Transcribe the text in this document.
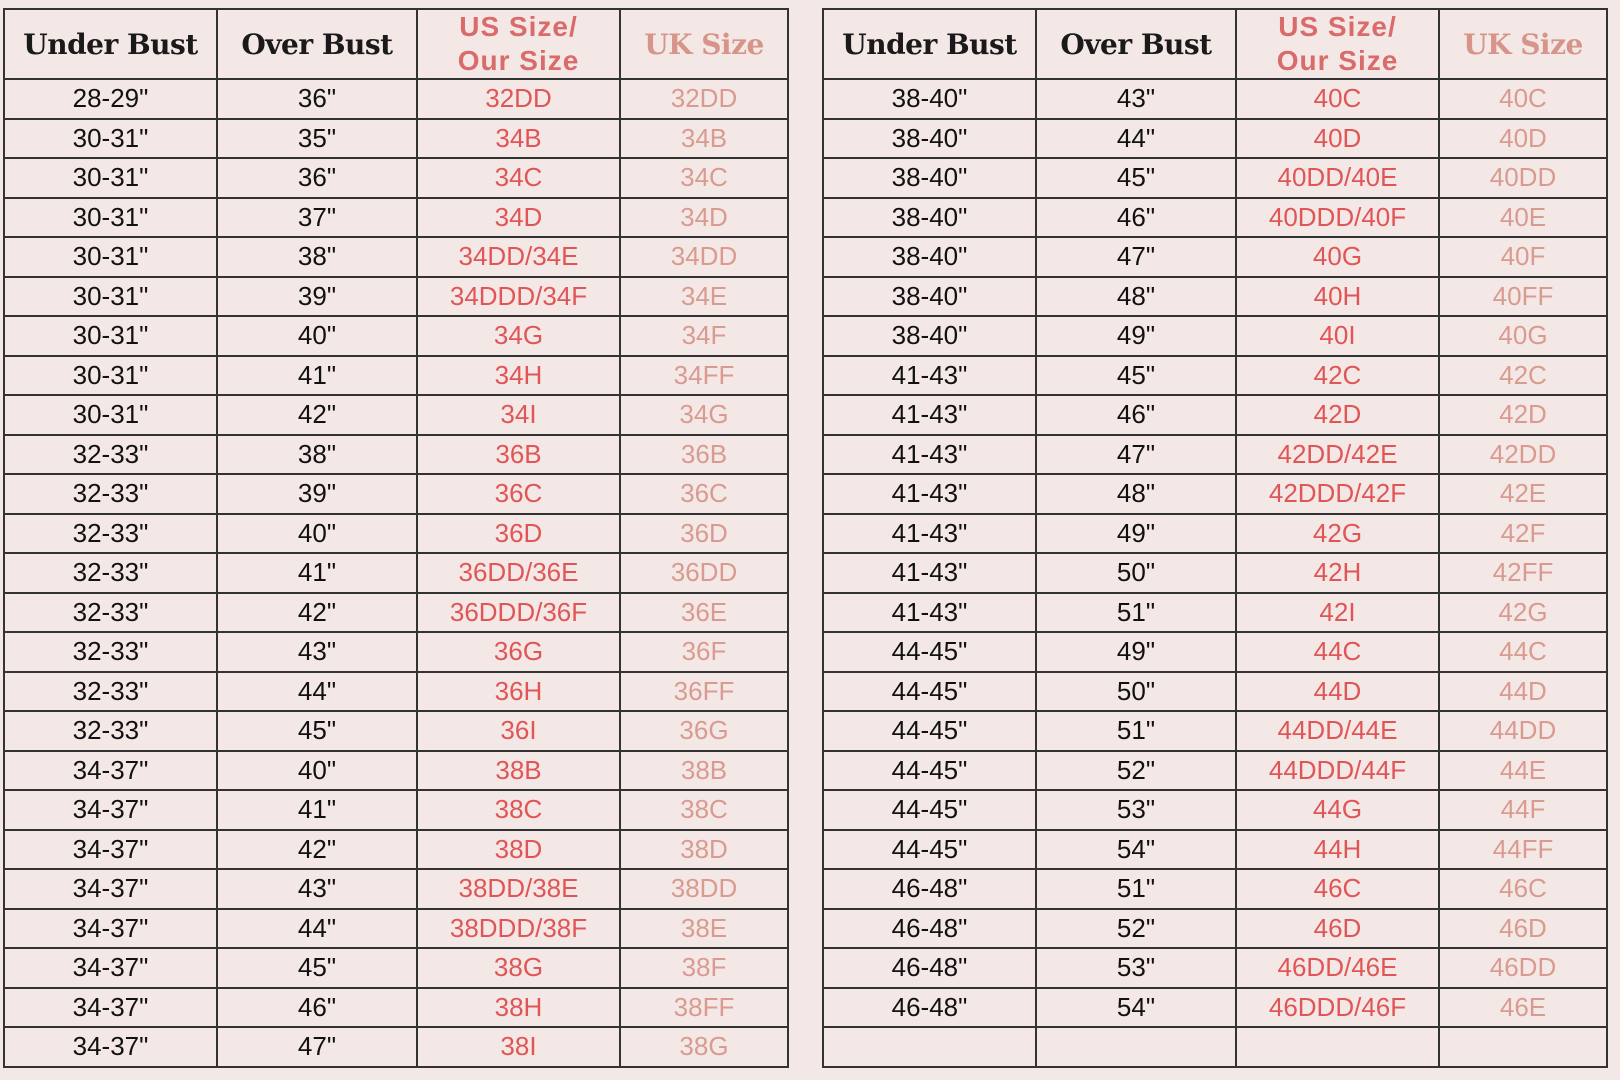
Under Bust	Over Bust	US Size/
Our Size	UK Size
28-29"	36"	32DD	32DD
30-31"	35"	34B	34B
30-31"	36"	34C	34C
30-31"	37"	34D	34D
30-31"	38"	34DD/34E	34DD
30-31"	39"	34DDD/34F	34E
30-31"	40"	34G	34F
30-31"	41"	34H	34FF
30-31"	42"	34I	34G
32-33"	38"	36B	36B
32-33"	39"	36C	36C
32-33"	40"	36D	36D
32-33"	41"	36DD/36E	36DD
32-33"	42"	36DDD/36F	36E
32-33"	43"	36G	36F
32-33"	44"	36H	36FF
32-33"	45"	36I	36G
34-37"	40"	38B	38B
34-37"	41"	38C	38C
34-37"	42"	38D	38D
34-37"	43"	38DD/38E	38DD
34-37"	44"	38DDD/38F	38E
34-37"	45"	38G	38F
34-37"	46"	38H	38FF
34-37"	47"	38I	38G
Under Bust	Over Bust	US Size/
Our Size	UK Size
38-40"	43"	40C	40C
38-40"	44"	40D	40D
38-40"	45"	40DD/40E	40DD
38-40"	46"	40DDD/40F	40E
38-40"	47"	40G	40F
38-40"	48"	40H	40FF
38-40"	49"	40I	40G
41-43"	45"	42C	42C
41-43"	46"	42D	42D
41-43"	47"	42DD/42E	42DD
41-43"	48"	42DDD/42F	42E
41-43"	49"	42G	42F
41-43"	50"	42H	42FF
41-43"	51"	42I	42G
44-45"	49"	44C	44C
44-45"	50"	44D	44D
44-45"	51"	44DD/44E	44DD
44-45"	52"	44DDD/44F	44E
44-45"	53"	44G	44F
44-45"	54"	44H	44FF
46-48"	51"	46C	46C
46-48"	52"	46D	46D
46-48"	53"	46DD/46E	46DD
46-48"	54"	46DDD/46F	46E
